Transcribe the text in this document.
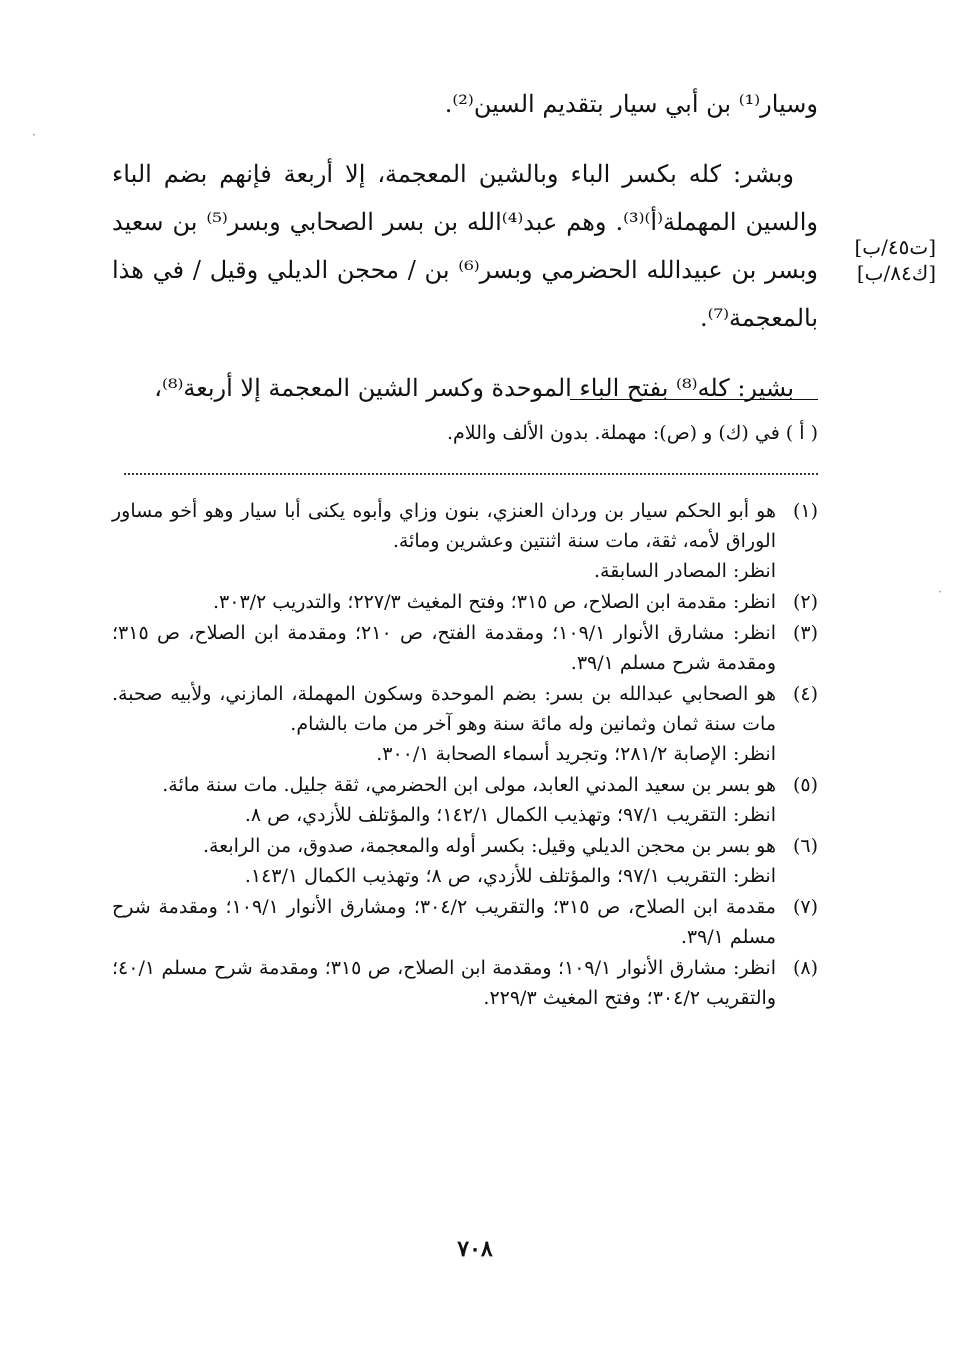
وسيار⁽¹⁾ بن أبي سيار بتقديم السين⁽²⁾.

وبشر: كله بكسر الباء وبالشين المعجمة، إلا أربعة فإنهم بضم الباء والسين المهملة⁽أ⁾⁽³⁾. وهم عبد⁽⁴⁾الله بن بسر الصحابي وبسر⁽⁵⁾ بن سعيد وبسر بن عبيدالله الحضرمي وبسر⁽⁶⁾ بن / محجن الديلي وقيل / في هذا بالمعجمة⁽⁷⁾.

بشير: كله⁽⁸⁾ بفتح الباء الموحدة وكسر الشين المعجمة إلا أربعة⁽⁸⁾،

[ت٤٥/ب]
[ك٨٤/ب]
( أ ) في (ك) و (ص): مهملة. بدون الألف واللام.
(١)
هو أبو الحكم سيار بن وردان العنزي، بنون وزاي وأبوه يكنى أبا سيار وهو أخو مساور الوراق لأمه، ثقة، مات سنة اثنتين وعشرين ومائة.
انظر: المصادر السابقة.
(٢)
انظر: مقدمة ابن الصلاح، ص ٣١٥؛ وفتح المغيث ٢٢٧/٣؛ والتدريب ٣٠٣/٢.
(٣)
انظر: مشارق الأنوار ١٠٩/١؛ ومقدمة الفتح، ص ٢١٠؛ ومقدمة ابن الصلاح، ص ٣١٥؛ ومقدمة شرح مسلم ٣٩/١.
(٤)
هو الصحابي عبدالله بن بسر: بضم الموحدة وسكون المهملة، المازني، ولأبيه صحبة. مات سنة ثمان وثمانين وله مائة سنة وهو آخر من مات بالشام.
انظر: الإصابة ٢٨١/٢؛ وتجريد أسماء الصحابة ٣٠٠/١.
(٥)
هو بسر بن سعيد المدني العابد، مولى ابن الحضرمي، ثقة جليل. مات سنة مائة.
انظر: التقريب ٩٧/١؛ وتهذيب الكمال ١٤٢/١؛ والمؤتلف للأزدي، ص ٨.
(٦)
هو بسر بن محجن الديلي وقيل: بكسر أوله والمعجمة، صدوق، من الرابعة.
انظر: التقريب ٩٧/١؛ والمؤتلف للأزدي، ص ٨؛ وتهذيب الكمال ١٤٣/١.
(٧)
مقدمة ابن الصلاح، ص ٣١٥؛ والتقريب ٣٠٤/٢؛ ومشارق الأنوار ١٠٩/١؛ ومقدمة شرح مسلم ٣٩/١.
(٨)
انظر: مشارق الأنوار ١٠٩/١؛ ومقدمة ابن الصلاح، ص ٣١٥؛ ومقدمة شرح مسلم ٤٠/١؛ والتقريب ٣٠٤/٢؛ وفتح المغيث ٢٢٩/٣.
٧٠٨
·
·
